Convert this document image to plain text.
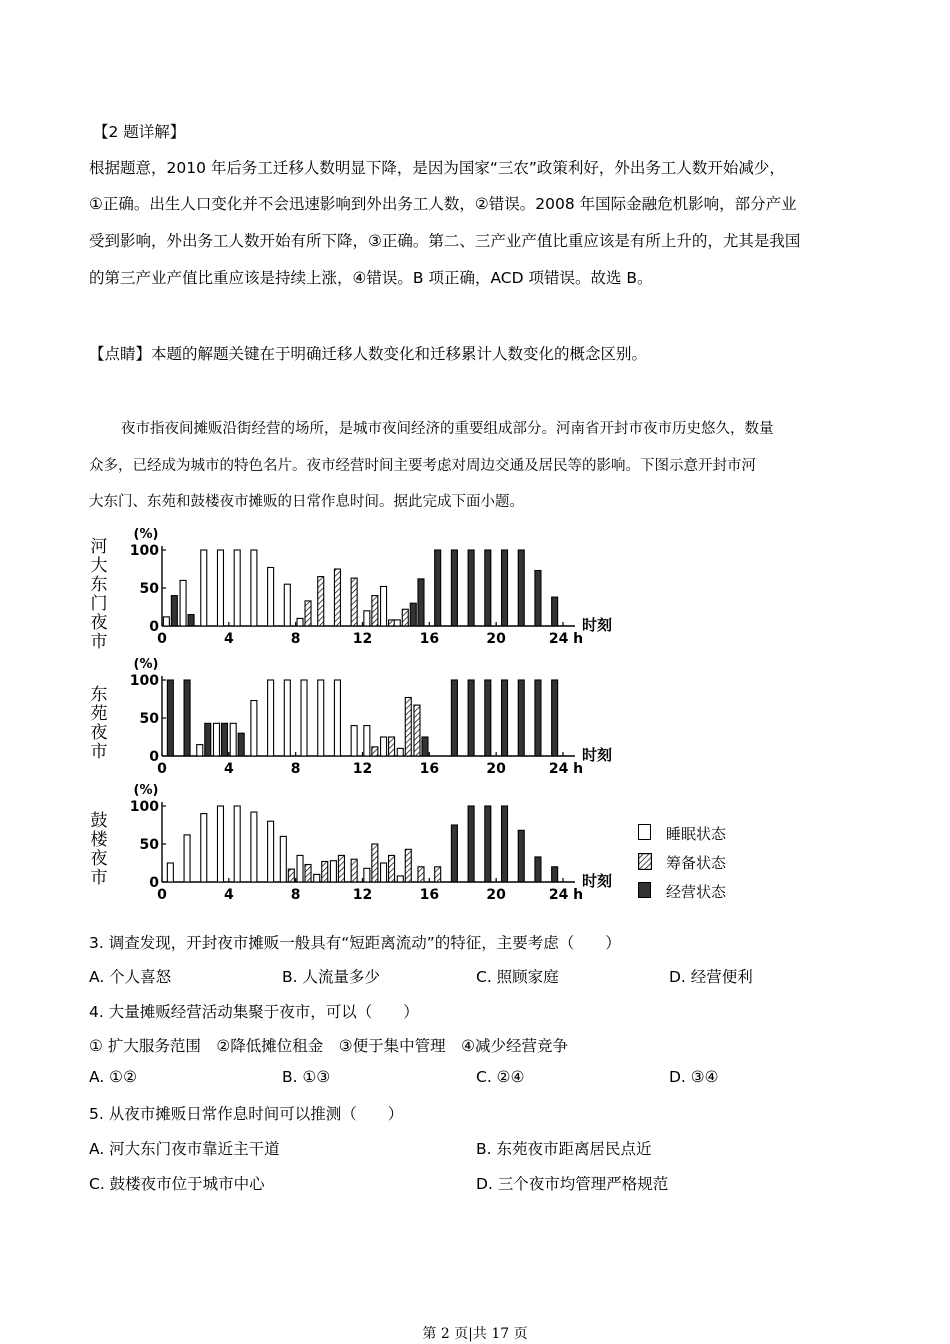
【2 题详解】
根据题意，2010 年后务工迁移人数明显下降，是因为国家“三农”政策利好，外出务工人数开始减少，
①正确。出生人口变化并不会迅速影响到外出务工人数，②错误。2008 年国际金融危机影响，部分产业
受到影响，外出务工人数开始有所下降，③正确。第二、三产业产值比重应该是有所上升的，尤其是我国
的第三产业产值比重应该是持续上涨，④错误。B 项正确，ACD 项错误。故选 B。
【点睛】本题的解题关键在于明确迁移人数变化和迁移累计人数变化的概念区别。
夜市指夜间摊贩沿街经营的场所，是城市夜间经济的重要组成部分。河南省开封市夜市历史悠久，数量
众多，已经成为城市的特色名片。夜市经营时间主要考虑对周边交通及居民等的影响。下图示意开封市河
大东门、东苑和鼓楼夜市摊贩的日常作息时间。据此完成下面小题。
河大东门夜市
东苑夜市
鼓楼夜市
0
50
100
(%)
0	4	8	12	16	20	24 h
时刻
0
50
100
(%)
0	4	8	12	16	20	24 h
时刻
0
50
100
(%)
0	4	8	12	16	20	24 h
时刻
睡眠状态
筹备状态
经营状态
3. 调查发现，开封夜市摊贩一般具有“短距离流动”的特征，主要考虑（　　）
A. 个人喜怒	B. 人流量多少	C. 照顾家庭	D. 经营便利
4. 大量摊贩经营活动集聚于夜市，可以（　　）
① 扩大服务范围　②降低摊位租金　③便于集中管理　④减少经营竞争
A. ①②	B. ①③	C. ②④	D. ③④
5. 从夜市摊贩日常作息时间可以推测（　　）
A. 河大东门夜市靠近主干道	B. 东苑夜市距离居民点近
C. 鼓楼夜市位于城市中心	D. 三个夜市均管理严格规范
第 2 页|共 17 页
